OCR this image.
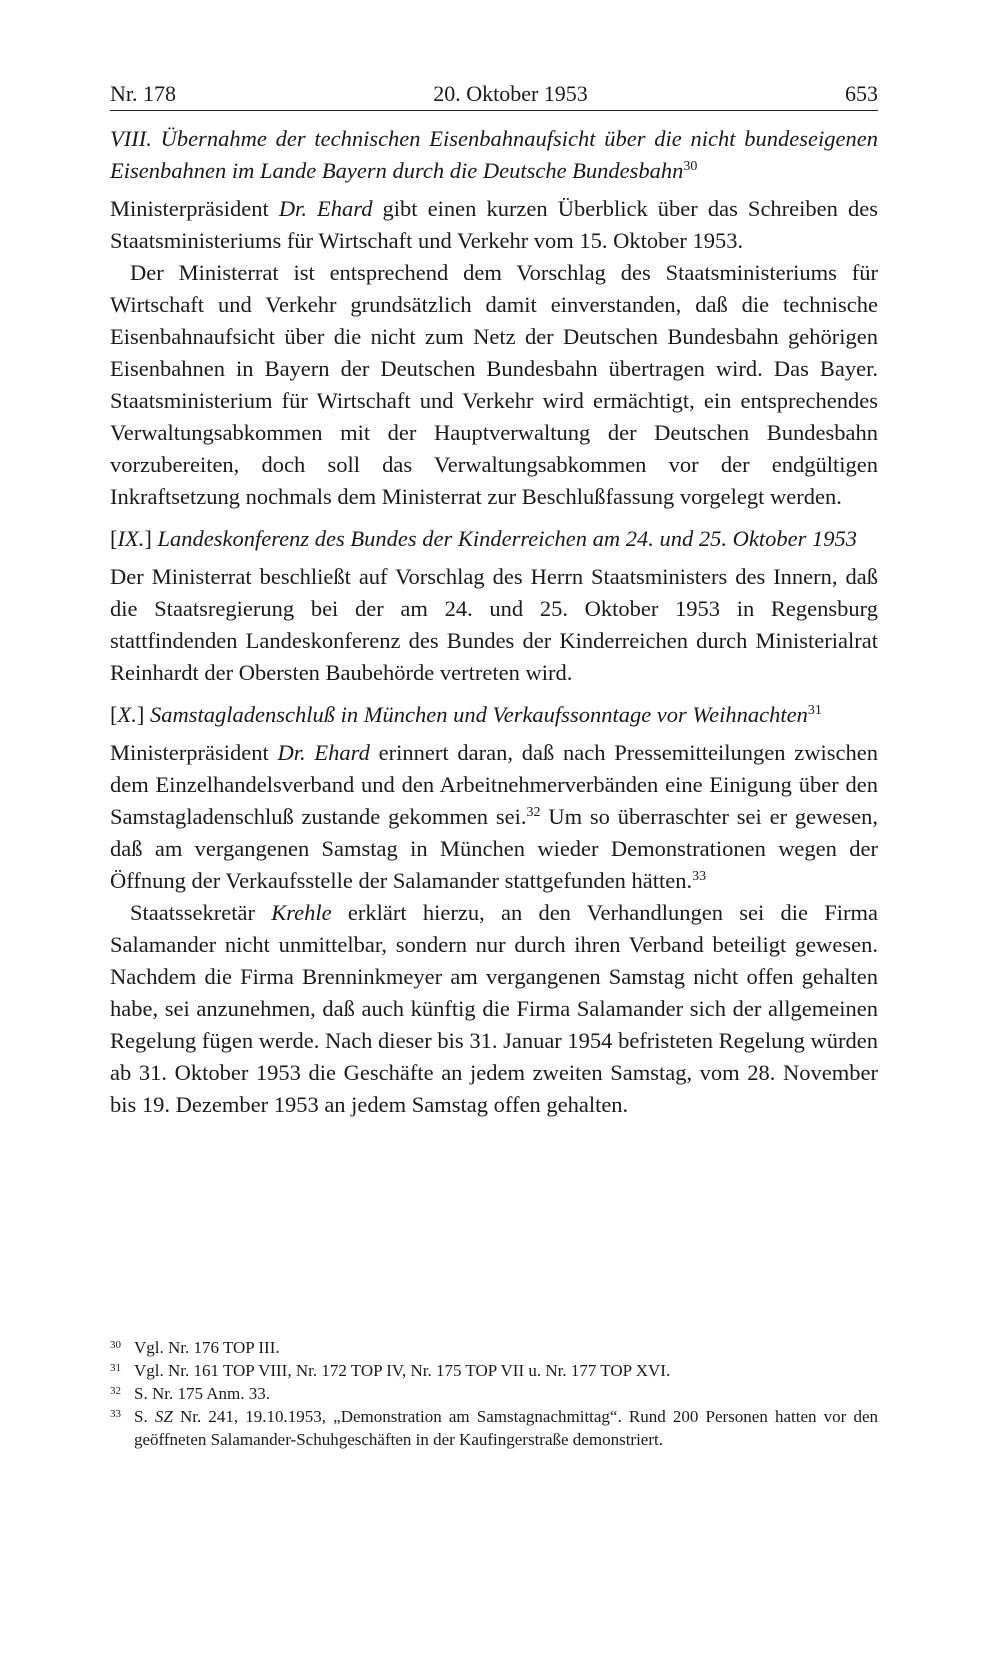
Nr. 178	20. Oktober 1953	653

VIII. Übernahme der technischen Eisenbahnaufsicht über die nicht bundeseigenen Eisenbahnen im Lande Bayern durch die Deutsche Bundesbahn$^{30}$

Ministerpräsident Dr. Ehard gibt einen kurzen Überblick über das Schreiben des Staatsministeriums für Wirtschaft und Verkehr vom 15. Oktober 1953.

Der Ministerrat ist entsprechend dem Vorschlag des Staatsministeriums für Wirtschaft und Verkehr grundsätzlich damit einverstanden, daß die technische Eisenbahnaufsicht über die nicht zum Netz der Deutschen Bundesbahn gehörigen Eisenbahnen in Bayern der Deutschen Bundesbahn übertragen wird. Das Bayer. Staatsministerium für Wirtschaft und Verkehr wird ermächtigt, ein entsprechendes Verwaltungsabkommen mit der Hauptverwaltung der Deutschen Bundesbahn vorzubereiten, doch soll das Verwaltungsabkommen vor der endgültigen Inkraftsetzung nochmals dem Ministerrat zur Beschlußfassung vorgelegt werden.

[IX.] Landeskonferenz des Bundes der Kinderreichen am 24. und 25. Oktober 1953

Der Ministerrat beschließt auf Vorschlag des Herrn Staatsministers des Innern, daß die Staatsregierung bei der am 24. und 25. Oktober 1953 in Regensburg stattfindenden Landeskonferenz des Bundes der Kinderreichen durch Ministerialrat Reinhardt der Obersten Baubehörde vertreten wird.

[X.] Samstagladenschluß in München und Verkaufssonntage vor Weihnachten$^{31}$

Ministerpräsident Dr. Ehard erinnert daran, daß nach Pressemitteilungen zwischen dem Einzelhandelsverband und den Arbeitnehmerverbänden eine Einigung über den Samstagladenschluß zustande gekommen sei.$^{32}$ Um so überraschter sei er gewesen, daß am vergangenen Samstag in München wieder Demonstrationen wegen der Öffnung der Verkaufsstelle der Salamander stattgefunden hätten.$^{33}$

Staatssekretär Krehle erklärt hierzu, an den Verhandlungen sei die Firma Salamander nicht unmittelbar, sondern nur durch ihren Verband beteiligt gewesen. Nachdem die Firma Brenninkmeyer am vergangenen Samstag nicht offen gehalten habe, sei anzunehmen, daß auch künftig die Firma Salamander sich der allgemeinen Regelung fügen werde. Nach dieser bis 31. Januar 1954 befristeten Regelung würden ab 31. Oktober 1953 die Geschäfte an jedem zweiten Samstag, vom 28. November bis 19. Dezember 1953 an jedem Samstag offen gehalten.

30 Vgl. Nr. 176 TOP III.
31 Vgl. Nr. 161 TOP VIII, Nr. 172 TOP IV, Nr. 175 TOP VII u. Nr. 177 TOP XVI.
32 S. Nr. 175 Anm. 33.
33 S. SZ Nr. 241, 19.10.1953, „Demonstration am Samstagnachmittag“. Rund 200 Personen hatten vor den geöffneten Salamander-Schuhgeschäften in der Kaufingerstraße demonstriert.
